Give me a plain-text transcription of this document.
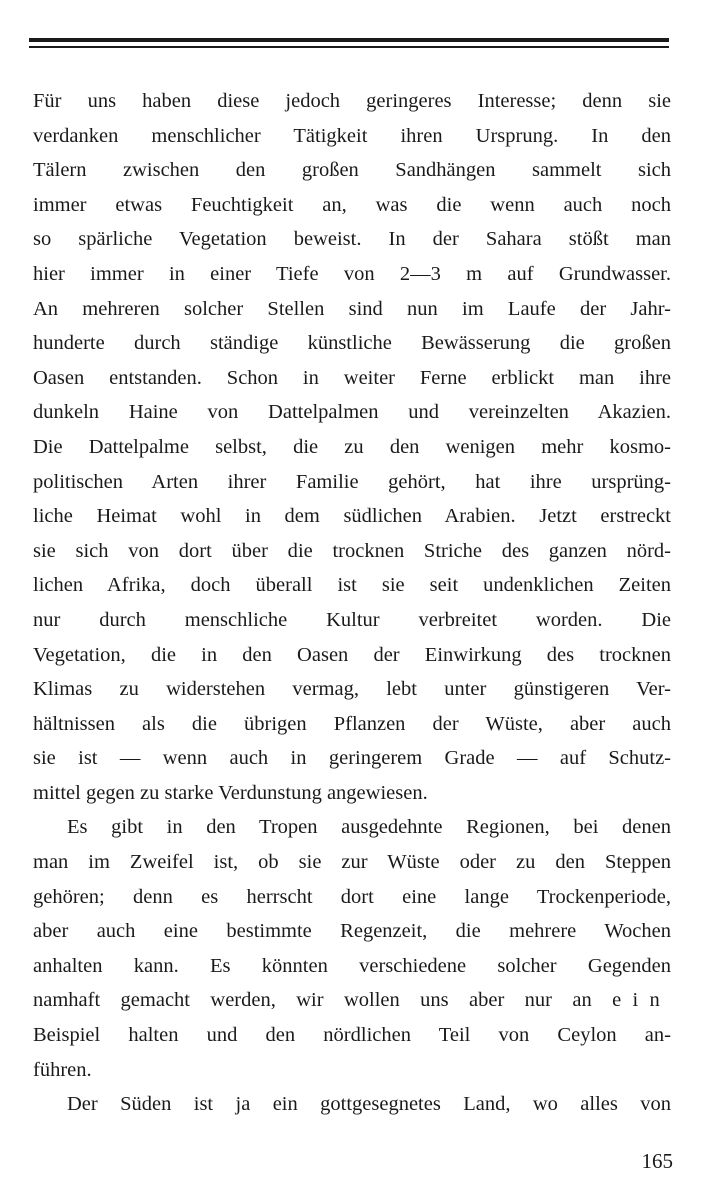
Für uns haben diese jedoch geringeres Interesse; denn sie
verdanken menschlicher Tätigkeit ihren Ursprung. In den
Tälern zwischen den großen Sandhängen sammelt sich
immer etwas Feuchtigkeit an, was die wenn auch noch
so spärliche Vegetation beweist. In der Sahara stößt man
hier immer in einer Tiefe von 2—3 m auf Grundwasser.
An mehreren solcher Stellen sind nun im Laufe der Jahr-
hunderte durch ständige künstliche Bewässerung die großen
Oasen entstanden. Schon in weiter Ferne erblickt man ihre
dunkeln Haine von Dattelpalmen und vereinzelten Akazien.
Die Dattelpalme selbst, die zu den wenigen mehr kosmo-
politischen Arten ihrer Familie gehört, hat ihre ursprüng-
liche Heimat wohl in dem südlichen Arabien. Jetzt erstreckt
sie sich von dort über die trocknen Striche des ganzen nörd-
lichen Afrika, doch überall ist sie seit undenklichen Zeiten
nur durch menschliche Kultur verbreitet worden. Die
Vegetation, die in den Oasen der Einwirkung des trocknen
Klimas zu widerstehen vermag, lebt unter günstigeren Ver-
hältnissen als die übrigen Pflanzen der Wüste, aber auch
sie ist — wenn auch in geringerem Grade — auf Schutz-
mittel gegen zu starke Verdunstung angewiesen.
Es gibt in den Tropen ausgedehnte Regionen, bei denen
man im Zweifel ist, ob sie zur Wüste oder zu den Steppen
gehören; denn es herrscht dort eine lange Trockenperiode,
aber auch eine bestimmte Regenzeit, die mehrere Wochen
anhalten kann. Es könnten verschiedene solcher Gegenden
namhaft gemacht werden, wir wollen uns aber nur an ein
Beispiel halten und den nördlichen Teil von Ceylon an-
führen.
Der Süden ist ja ein gottgesegnetes Land, wo alles von
165
